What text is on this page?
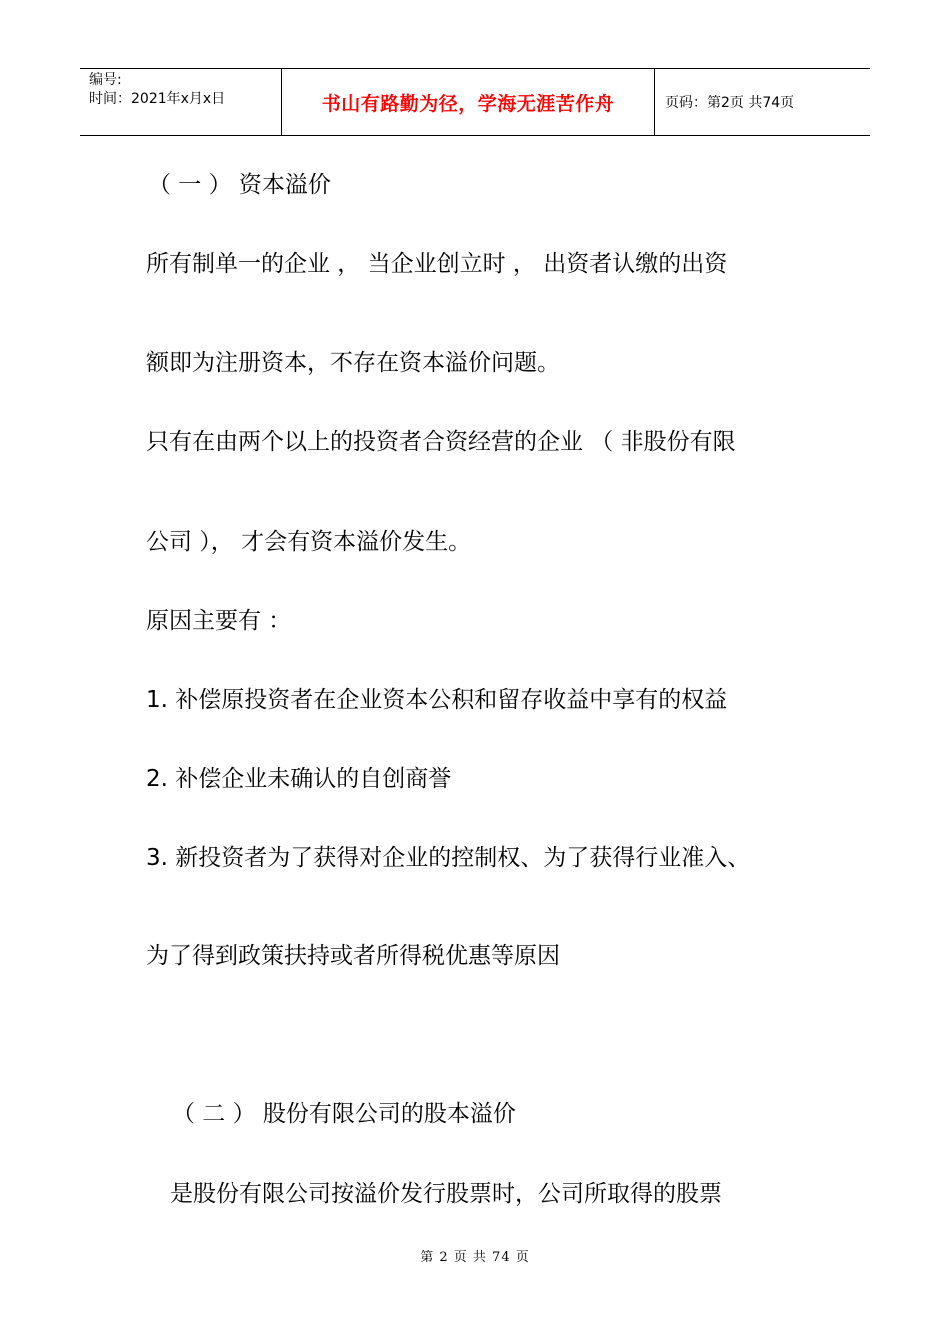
编号:
时间：2021年x月x日	书山有路勤为径，学海无涯苦作舟	页码：第2页 共74页
（ 一 ） 资本溢价
所有制单一的企业 ， 当企业创立时 ， 出资者认缴的出资
额即为注册资本，不存在资本溢价问题。
只有在由两个以上的投资者合资经营的企业 （ 非股份有限
公司 ）， 才会有资本溢价发生。
原因主要有 ：
1. 补偿原投资者在企业资本公积和留存收益中享有的权益
2. 补偿企业未确认的自创商誉
3. 新投资者为了获得对企业的控制权、为了获得行业准入、
为了得到政策扶持或者所得税优惠等原因
（ 二 ） 股份有限公司的股本溢价
是股份有限公司按溢价发行股票时，公司所取得的股票
第 2 页 共 74 页
